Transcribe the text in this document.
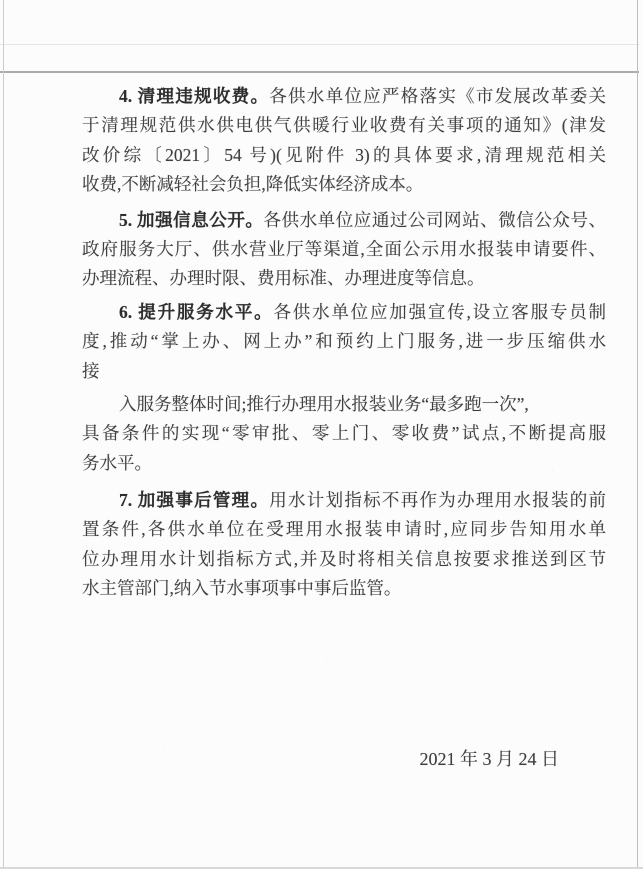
4. 清理违规收费。各供水单位应严格落实《市发展改革委关
于清理规范供水供电供气供暖行业收费有关事项的通知》(津发
改价综〔2021〕54 号)(见附件 3)的具体要求,清理规范相关
收费,不断减轻社会负担,降低实体经济成本。
5. 加强信息公开。各供水单位应通过公司网站、微信公众号、
政府服务大厅、供水营业厅等渠道,全面公示用水报装申请要件、
办理流程、办理时限、费用标准、办理进度等信息。
6. 提升服务水平。各供水单位应加强宣传,设立客服专员制
度,推动“掌上办、网上办”和预约上门服务,进一步压缩供水
接
入服务整体时间;推行办理用水报装业务“最多跑一次”,
具备条件的实现“零审批、零上门、零收费”试点,不断提高服
务水平。
7. 加强事后管理。用水计划指标不再作为办理用水报装的前
置条件,各供水单位在受理用水报装申请时,应同步告知用水单
位办理用水计划指标方式,并及时将相关信息按要求推送到区节
水主管部门,纳入节水事项事中事后监管。
2021 年 3 月 24 日
